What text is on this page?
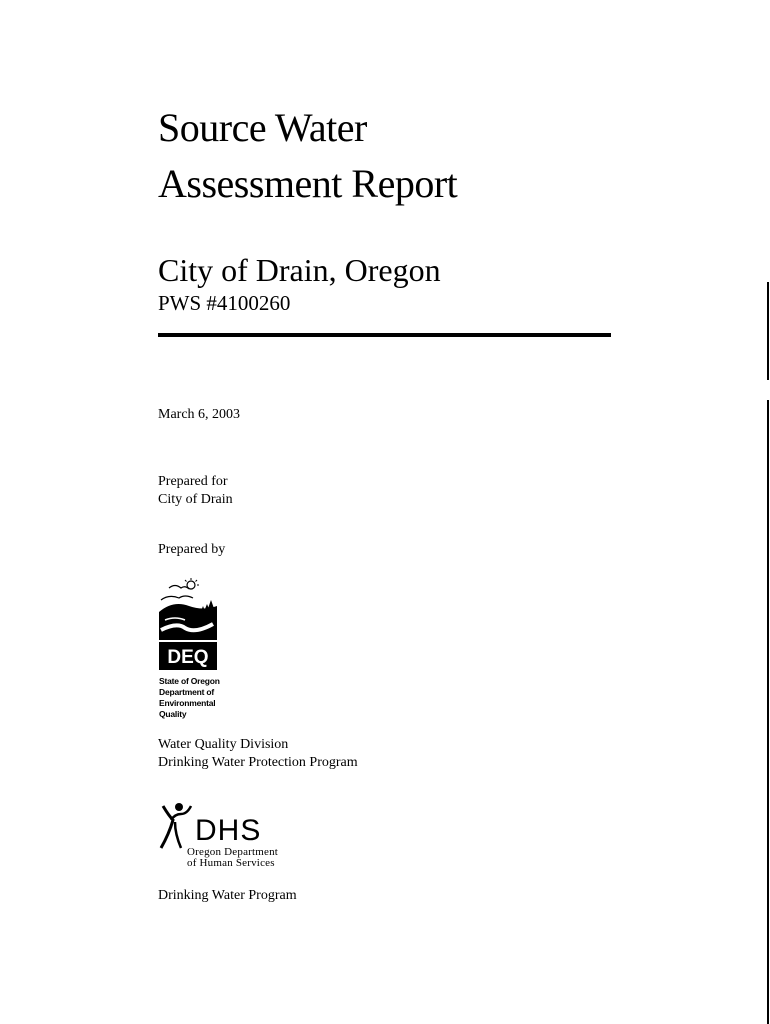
Source Water
Assessment Report
City of Drain, Oregon
PWS #4100260
March 6, 2003
Prepared for
City of Drain
Prepared by
DEQ
State of Oregon
Department of
Environmental
Quality
Water Quality Division
Drinking Water Protection Program
DHS
Oregon Department
of Human Services
Drinking Water Program
